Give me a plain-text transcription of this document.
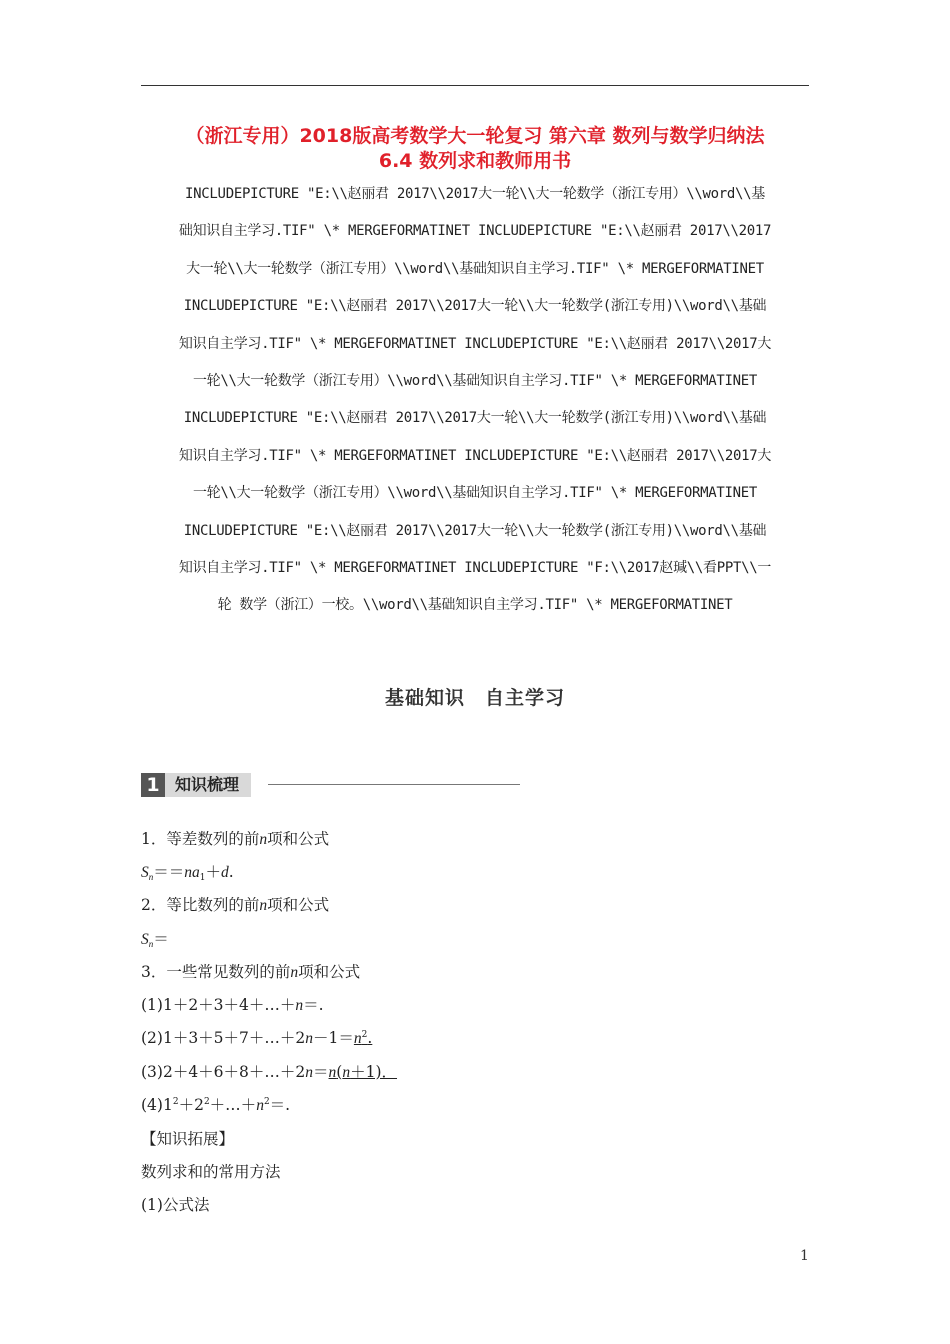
（浙江专用）2018版高考数学大一轮复习 第六章 数列与数学归纳法
6.4 数列求和教师用书
INCLUDEPICTURE "E:\\赵丽君 2017\\2017大一轮\\大一轮数学（浙江专用）\\word\\基
础知识自主学习.TIF" \* MERGEFORMATINET INCLUDEPICTURE "E:\\赵丽君 2017\\2017
大一轮\\大一轮数学（浙江专用）\\word\\基础知识自主学习.TIF" \* MERGEFORMATINET
INCLUDEPICTURE "E:\\赵丽君 2017\\2017大一轮\\大一轮数学(浙江专用)\\word\\基础
知识自主学习.TIF" \* MERGEFORMATINET INCLUDEPICTURE "E:\\赵丽君 2017\\2017大
一轮\\大一轮数学（浙江专用）\\word\\基础知识自主学习.TIF" \* MERGEFORMATINET
INCLUDEPICTURE "E:\\赵丽君 2017\\2017大一轮\\大一轮数学(浙江专用)\\word\\基础
知识自主学习.TIF" \* MERGEFORMATINET INCLUDEPICTURE "E:\\赵丽君 2017\\2017大
一轮\\大一轮数学（浙江专用）\\word\\基础知识自主学习.TIF" \* MERGEFORMATINET
INCLUDEPICTURE "E:\\赵丽君 2017\\2017大一轮\\大一轮数学(浙江专用)\\word\\基础
知识自主学习.TIF" \* MERGEFORMATINET INCLUDEPICTURE "F:\\2017赵瑊\\看PPT\\一
轮 数学（浙江）一校。\\word\\基础知识自主学习.TIF" \* MERGEFORMATINET
基础知识　自主学习
1 知识梳理
1．等差数列的前n项和公式
$S_n==na_1+d$.
2．等比数列的前n项和公式
$S_n=$
3．一些常见数列的前n项和公式
(1)1＋2＋3＋4＋…＋n＝.
$(2)1+3+5+7+\dots+2n-1=n^2$.
(3)2＋4＋6＋8＋…＋2n＝n(n＋1)．
$(4)1^2+2^2+\dots+n^2=$.
【知识拓展】
数列求和的常用方法
(1)公式法
1
